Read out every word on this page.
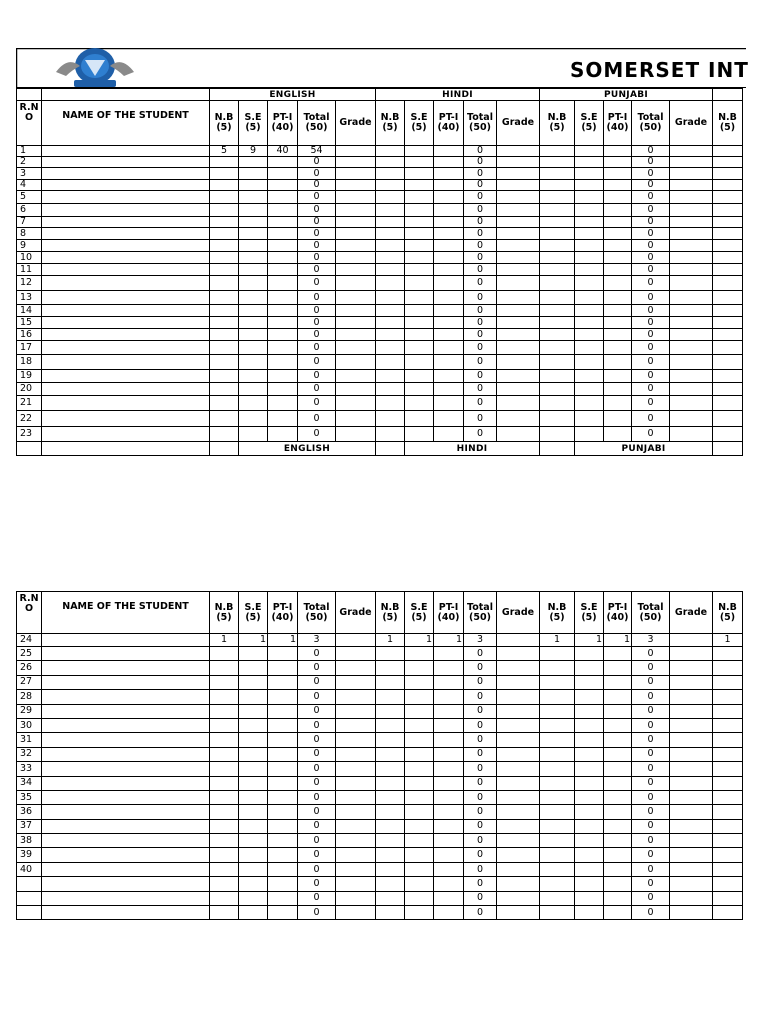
SOMERSET INT
		ENGLISH					HINDI					PUNJABI					
R.N O	NAME OF THE STUDENT	N.B (5)	S.E (5)	PT-I (40)	Total (50)	Grade	N.B (5)	S.E (5)	PT-I (40)	Total (50)	Grade	N.B (5)	S.E (5)	PT-I (40)	Total (50)	Grade	N.B (5)
1		5	9	40	54					0					0		
2					0					0					0		
3					0					0					0		
4					0					0					0		
5					0					0					0		
6					0					0					0		
7					0					0					0		
8					0					0					0		
9					0					0					0		
10					0					0					0		
11					0					0					0		
12					0					0					0		
13					0					0					0		
14					0					0					0		
15					0					0					0		
16					0					0					0		
17					0					0					0		
18					0					0					0		
19					0					0					0		
20					0					0					0		
21					0					0					0		
22					0					0					0		
23					0					0					0		
			ENGLISH					HINDI					PUNJABI				
R.N O	NAME OF THE STUDENT	N.B (5)	S.E (5)	PT-I (40)	Total (50)	Grade	N.B (5)	S.E (5)	PT-I (40)	Total (50)	Grade	N.B (5)	S.E (5)	PT-I (40)	Total (50)	Grade	N.B (5)
24		1	1	1	3		1	1	1	3		1	1	1	3		1
25					0					0					0		
26					0					0					0		
27					0					0					0		
28					0					0					0		
29					0					0					0		
30					0					0					0		
31					0					0					0		
32					0					0					0		
33					0					0					0		
34					0					0					0		
35					0					0					0		
36					0					0					0		
37					0					0					0		
38					0					0					0		
39					0					0					0		
40					0					0					0		
					0					0					0		
					0					0					0		
					0					0					0		
